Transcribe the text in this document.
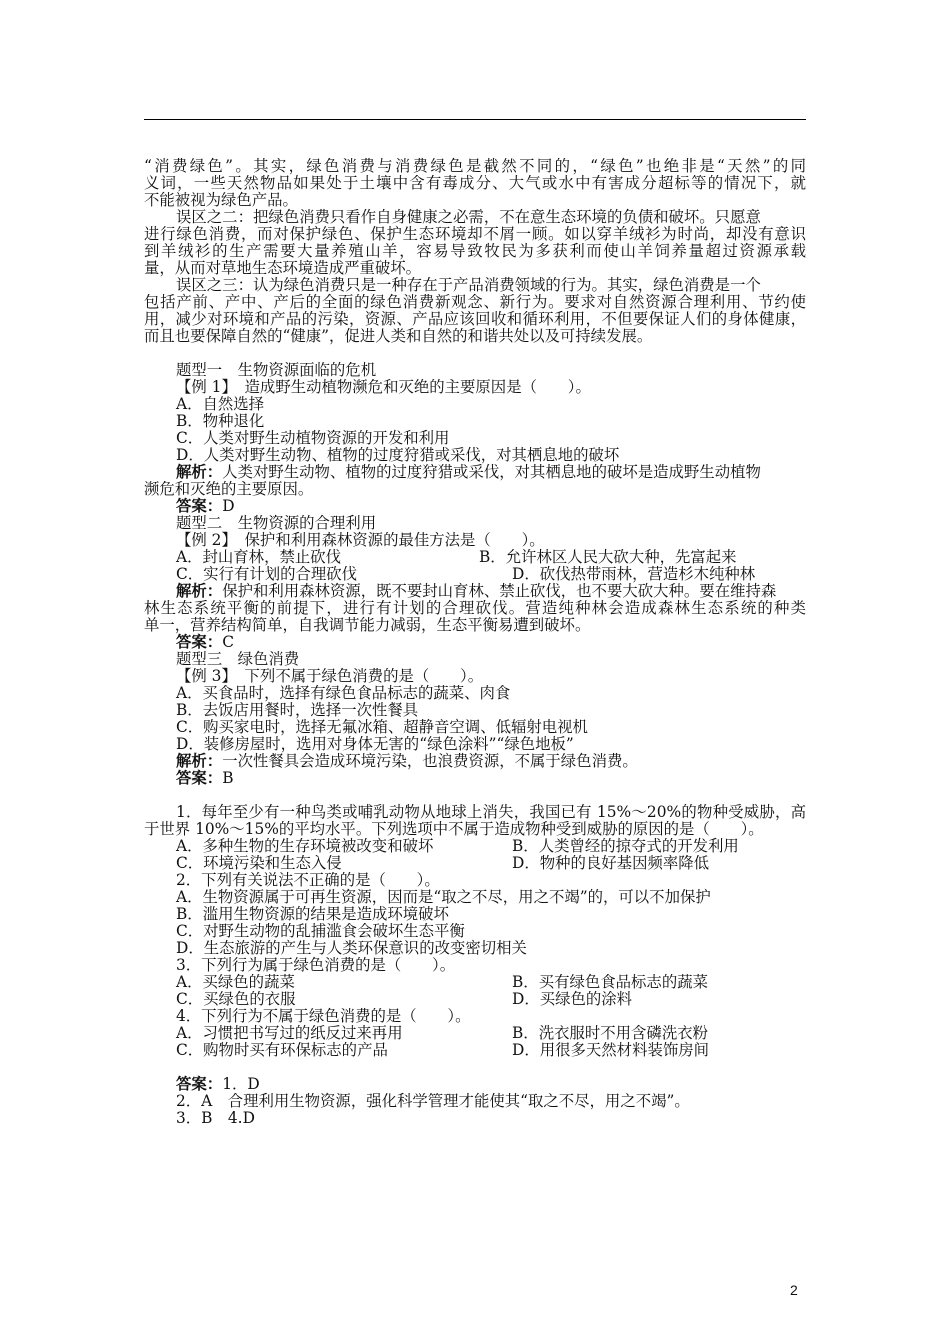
“消费绿色”。其实，绿色消费与消费绿色是截然不同的，“绿色”也绝非是“天然”的同
义词，一些天然物品如果处于土壤中含有毒成分、大气或水中有害成分超标等的情况下，就
不能被视为绿色产品。
误区之二：把绿色消费只看作自身健康之必需，不在意生态环境的负债和破坏。只愿意
进行绿色消费，而对保护绿色、保护生态环境却不屑一顾。如以穿羊绒衫为时尚，却没有意识
到羊绒衫的生产需要大量养殖山羊，容易导致牧民为多获利而使山羊饲养量超过资源承载
量，从而对草地生态环境造成严重破坏。
误区之三：认为绿色消费只是一种存在于产品消费领域的行为。其实，绿色消费是一个
包括产前、产中、产后的全面的绿色消费新观念、新行为。要求对自然资源合理利用、节约使
用，减少对环境和产品的污染，资源、产品应该回收和循环利用，不但要保证人们的身体健康，
而且也要保障自然的“健康”，促进人类和自然的和谐共处以及可持续发展。
题型一　生物资源面临的危机
【例 1】　造成野生动植物濒危和灭绝的主要原因是（　　）。
A．自然选择
B．物种退化
C．人类对野生动植物资源的开发和利用
D．人类对野生动物、植物的过度狩猎或采伐，对其栖息地的破坏
解析：人类对野生动物、植物的过度狩猎或采伐，对其栖息地的破坏是造成野生动植物
濒危和灭绝的主要原因。
答案：D
题型二　生物资源的合理利用
【例 2】　保护和利用森林资源的最佳方法是（　　）。
A．封山育林，禁止砍伐	B．允许林区人民大砍大种，先富起来
C．实行有计划的合理砍伐	D．砍伐热带雨林，营造杉木纯种林
解析：保护和利用森林资源，既不要封山育林、禁止砍伐，也不要大砍大种。要在维持森
林生态系统平衡的前提下，进行有计划的合理砍伐。营造纯种林会造成森林生态系统的种类
单一，营养结构简单，自我调节能力减弱，生态平衡易遭到破坏。
答案：C
题型三　绿色消费
【例 3】　下列不属于绿色消费的是（　　）。
A．买食品时，选择有绿色食品标志的蔬菜、肉食
B．去饭店用餐时，选择一次性餐具
C．购买家电时，选择无氟冰箱、超静音空调、低辐射电视机
D．装修房屋时，选用对身体无害的“绿色涂料”“绿色地板”
解析：一次性餐具会造成环境污染，也浪费资源，不属于绿色消费。
答案：B
1．每年至少有一种鸟类或哺乳动物从地球上消失，我国已有 15%～20%的物种受威胁，高
于世界 10%～15%的平均水平。下列选项中不属于造成物种受到威胁的原因的是（　　）。
A．多种生物的生存环境被改变和破坏	B．人类曾经的掠夺式的开发利用
C．环境污染和生态入侵	D．物种的良好基因频率降低
2．下列有关说法不正确的是（　　）。
A．生物资源属于可再生资源，因而是“取之不尽，用之不竭”的，可以不加保护
B．滥用生物资源的结果是造成环境破坏
C．对野生动物的乱捕滥食会破坏生态平衡
D．生态旅游的产生与人类环保意识的改变密切相关
3．下列行为属于绿色消费的是（　　）。
A．买绿色的蔬菜	B．买有绿色食品标志的蔬菜
C．买绿色的衣服	D．买绿色的涂料
4．下列行为不属于绿色消费的是（　　）。
A．习惯把书写过的纸反过来再用	B．洗衣服时不用含磷洗衣粉
C．购物时买有环保标志的产品	D．用很多天然材料装饰房间
答案：1．D
2．A　合理利用生物资源，强化科学管理才能使其“取之不尽，用之不竭”。
3．B　4.D
2
